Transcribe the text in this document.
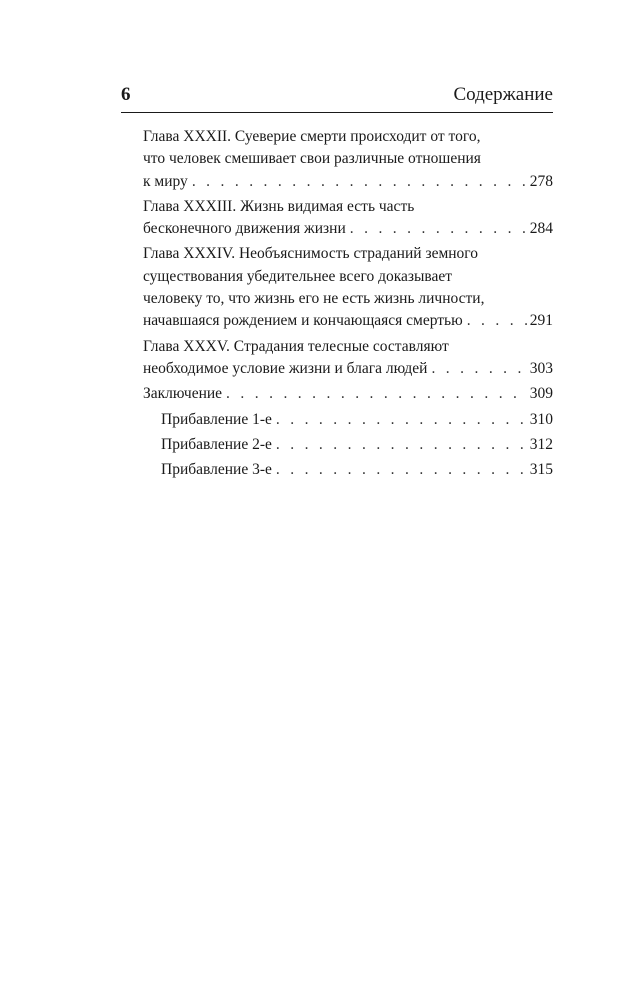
6	Содержание
Глава XXXII. Суеверие смерти происходит от того,
что человек смешивает свои различные отношения
к миру . . .	278
Глава XXXIII. Жизнь видимая есть часть
бесконечного движения жизни . . .	284
Глава XXXIV. Необъяснимость страданий земного
существования убедительнее всего доказывает
человеку то, что жизнь его не есть жизнь личности,
начавшаяся рождением и кончающаяся смертью . . .	291
Глава XXXV. Страдания телесные составляют
необходимое условие жизни и блага людей . . .	303
Заключение . . .	309
Прибавление 1-е . . .	310
Прибавление 2-е . . .	312
Прибавление 3-е . . .	315
